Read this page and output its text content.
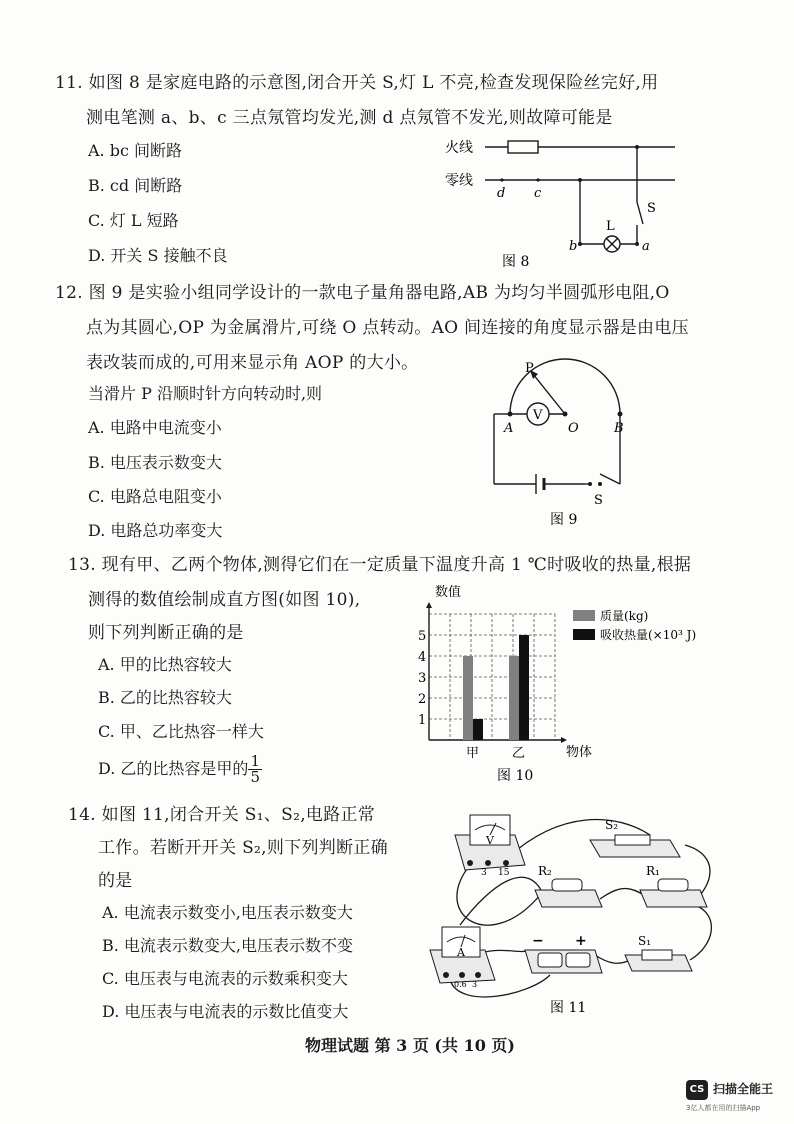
11. 如图 8 是家庭电路的示意图,闭合开关 S,灯 L 不亮,检查发现保险丝完好,用
测电笔测 a、b、c 三点氖管均发光,测 d 点氖管不发光,则故障可能是
A. bc 间断路
B. cd 间断路
C. 灯 L 短路
D. 开关 S 接触不良
火线
零线
d c
b	a
L
S
图 8
12. 图 9 是实验小组同学设计的一款电子量角器电路,AB 为均匀半圆弧形电阻,O
点为其圆心,OP 为金属滑片,可绕 O 点转动。AO 间连接的角度显示器是由电压
表改装而成的,可用来显示角 AOP 的大小。
当滑片 P 沿顺时针方向转动时,则
A. 电路中电流变小
B. 电压表示数变大
C. 电路总电阻变小
D. 电路总功率变大
P
V
A	O	B
S
图 9
13. 现有甲、乙两个物体,测得它们在一定质量下温度升高 1 ℃时吸收的热量,根据
测得的数值绘制成直方图(如图 10),
则下列判断正确的是
A. 甲的比热容较大
B. 乙的比热容较大
C. 甲、乙比热容一样大
D. 乙的比热容是甲的 $\frac{1}{5}$
1
2
3
4
5
甲	乙
数值
物体
质量(kg)
吸收热量(×10³ J)
图 10
14. 如图 11,闭合开关 S₁、S₂,电路正常
工作。若断开开关 S₂,则下列判断正确
的是
A. 电流表示数变小,电压表示数变大
B. 电流表示数变大,电压表示数不变
C. 电压表与电流表的示数乘积变大
D. 电压表与电流表的示数比值变大
V
3 15
A
0.6 3
S₂
R₂	R₁
− +	S₁
图 11
物理试题 第 3 页 (共 10 页)
CS 扫描全能王
3亿人都在用的扫描App
